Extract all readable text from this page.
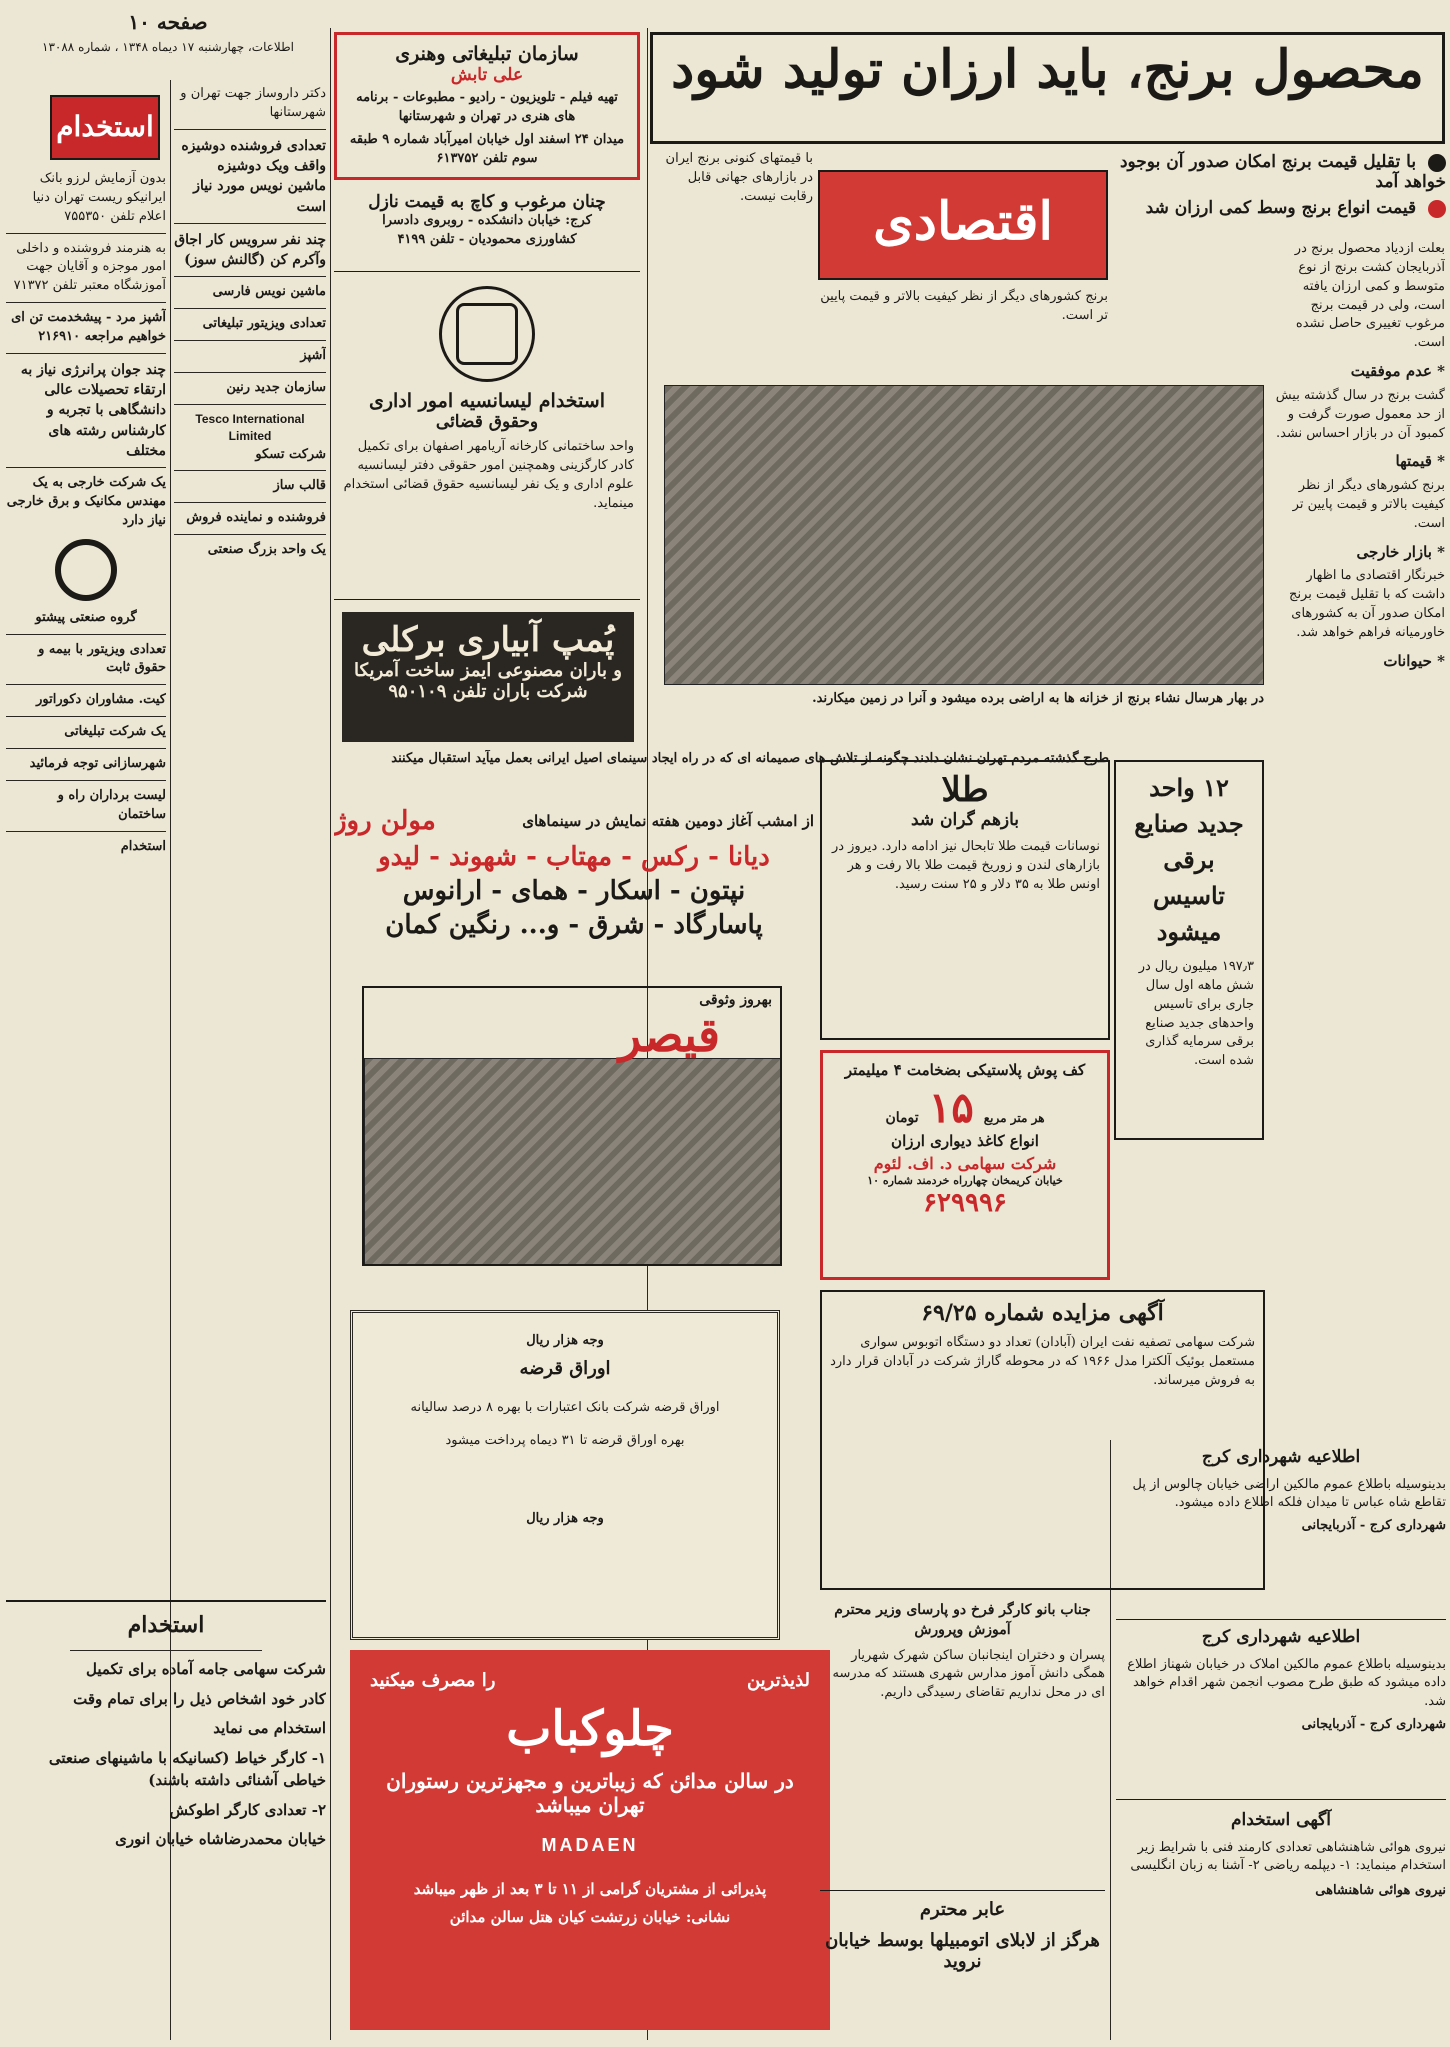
صفحه ۱۰
اطلاعات، چهارشنبه ۱۷ دیماه ۱۳۴۸ ، شماره ۱۳۰۸۸
استخدام

بدون آزمایش لرزو بانک ایرانیکو ریست تهران دنیا اعلام تلفن ۷۵۵۳۵۰

به هنرمند فروشنده و داخلی امور موجزه و آقایان جهت آموزشگاه معتبر تلفن ۷۱۳۷۲

آشپز مرد - پیشخدمت تن ای خواهیم مراجعه ۲۱۶۹۱۰

چند جوان پرانرژی نیاز به ارتقاء تحصیلات عالی دانشگاهی با تجربه و کارشناس رشته های مختلف

یک شرکت خارجی به یک مهندس مکانیک و برق خارجی نیاز دارد

گروه صنعتی پیشتو

تعدادی ویزیتور با بیمه و حقوق ثابت

کیت. مشاوران دکوراتور

یک شرکت تبلیغاتی

شهرسازانی توجه فرمائید

لیست برداران راه و ساختمان

استخدام

استخدام

شرکت سهامی جامه آماده برای تکمیل

کادر خود اشخاص ذیل را برای تمام وقت

استخدام می نماید

۱- کارگر خیاط (کسانیکه با ماشینهای صنعتی خیاطی آشنائی داشته باشند)

۲- تعدادی کارگر اطوکش

خیابان محمدرضاشاه خیابان انوری

دکتر داروساز جهت تهران و شهرستانها

تعدادی فروشنده دوشیزه واقف ویک دوشیزه ماشین نویس مورد نیاز است

چند نفر سرویس کار اجاق وآکرم کن (گالنش سوز)

ماشین نویس فارسی

تعدادی ویزیتور تبلیغاتی

آشپز

سازمان جدید رنین

Tesco International
Limited

شرکت تسکو

قالب ساز

فروشنده و نماینده فروش

یک واحد بزرگ صنعتی

سازمان تبلیغاتی وهنری
علی تابش
تهیه فیلم - تلویزیون - رادیو - مطبوعات - برنامه های هنری در تهران و شهرستانها
میدان ۲۴ اسفند اول خیابان امیرآباد شماره ۹ طبقه سوم تلفن ۶۱۳۷۵۲
چنان مرغوب و کاچ به قیمت نازل
کرج: خیابان دانشکده - روبروی دادسرا
کشاورزی محمودیان - تلفن ۴۱۹۹
استخدام لیسانسیه امور اداری
وحقوق قضائی
واحد ساختمانی کارخانه آریامهر اصفهان برای تکمیل کادر کارگزینی وهمچنین امور حقوقی دفتر لیسانسیه علوم اداری و یک نفر لیسانسیه حقوق قضائی استخدام مینماید.
پُمپ آبیاری برکلی
و باران مصنوعی ایمز ساخت آمریکا
شرکت باران تلفن ۹۵۰۱۰۹
محصول برنج، باید ارزان تولید شود
با تقلیل قیمت برنج امکان صدور آن بوجود خواهد آمد
قیمت انواع برنج وسط کمی ارزان شد
اقتصادی
با قیمتهای کنونی برنج ایران در بازارهای جهانی قابل رقابت نیست.
برنج کشورهای دیگر از نظر کیفیت بالاتر و قیمت پایین تر است.
در بهار هرسال نشاء برنج از خزانه ها به اراضی برده میشود و آنرا در زمین میکارند.

بعلت ازدیاد محصول برنج در آذربایجان کشت برنج از نوع متوسط و کمی ارزان یافته است، ولی در قیمت برنج مرغوب تغییری حاصل نشده است.

* عدم موفقیت

گشت برنج در سال گذشته بیش از حد معمول صورت گرفت و کمبود آن در بازار احساس نشد.

* قیمتها

برنج کشورهای دیگر از نظر کیفیت بالاتر و قیمت پایین تر است.

* بازار خارجی

خبرنگار اقتصادی ما اظهار داشت که با تقلیل قیمت برنج امکان صدور آن به کشورهای خاورمیانه فراهم خواهد شد.

* حیوانات

طرح گذشته مردم تهران نشان دادند چگونه از تلاش های صمیمانه ای که در راه ایجاد سینمای اصیل ایرانی بعمل میآید استقبال میکنند
از امشب آغاز دومین هفته نمایش در سینماهای
مولن روژ
دیانا - رکس - مهتاب - شهوند - لیدو
نپتون - اسکار - همای - ارانوس
پاسارگاد - شرق - و... رنگین کمان
بهروز وثوقی
قیصر
وجه هزار ریال
اوراق قرضه
اوراق قرضه شرکت بانک اعتبارات با بهره ۸ درصد سالیانه
بهره اوراق قرضه تا ۳۱ دیماه پرداخت میشود
وجه هزار ریال
لذیذترین
را مصرف میکنید
چلوکباب
در سالن مدائن که زیباترین و مجهزترین رستوران تهران میباشد
MADAEN
پذیرائی از مشتریان گرامی از ۱۱ تا ۳ بعد از ظهر میباشد
نشانی: خیابان زرتشت کیان هتل سالن مدائن
طلا
بازهم گران شد
نوسانات قیمت طلا تابحال نیز ادامه دارد. دیروز در بازارهای لندن و زوریخ قیمت طلا بالا رفت و هر اونس طلا به ۳۵ دلار و ۲۵ سنت رسید.
۱۲ واحد جدید صنایع برقی تاسیس میشود
۱۹۷٫۳ میلیون ریال در شش ماهه اول سال جاری برای تاسیس واحدهای جدید صنایع برقی سرمایه گذاری شده است.
کف پوش پلاستیکی بضخامت ۴ میلیمتر
هر متر مربع
۱۵
تومان
انواع کاغذ دیواری ارزان
شرکت سهامی د. اف. لئوم
خیابان کریمخان چهارراه خردمند شماره ۱۰
۶۲۹۹۹۶
آگهی مزایده شماره ۶۹/۲۵
شرکت سهامی تصفیه نفت ایران (آبادان) تعداد دو دستگاه اتوبوس سواری مستعمل بوئیک آلکترا مدل ۱۹۶۶ که در محوطه گاراژ شرکت در آبادان قرار دارد به فروش میرساند.
جناب بانو کارگر فرخ دو پارسای وزیر محترم
آموزش وپرورش
پسران و دختران اینجانبان ساکن شهرک شهریار همگی دانش آموز مدارس شهری هستند که مدرسه ای در محل نداریم تقاضای رسیدگی داریم.
عابر محترم
هرگز از لابلای اتومبیلها بوسط خیابان نروید
اطلاعیه شهرداری کرج
بدینوسیله باطلاع عموم مالکین اراضی خیابان چالوس از پل تقاطع شاه عباس تا میدان فلکه اطلاع داده میشود.
شهرداری کرج - آذربایجانی
اطلاعیه شهرداری کرج
بدینوسیله باطلاع عموم مالکین املاک در خیابان شهناز اطلاع داده میشود که طبق طرح مصوب انجمن شهر اقدام خواهد شد.
شهرداری کرج - آذربایجانی
آگهی استخدام
نیروی هوائی شاهنشاهی تعدادی کارمند فنی با شرایط زیر استخدام مینماید: ۱- دیپلمه ریاضی ۲- آشنا به زبان انگلیسی
نیروی هوائی شاهنشاهی
